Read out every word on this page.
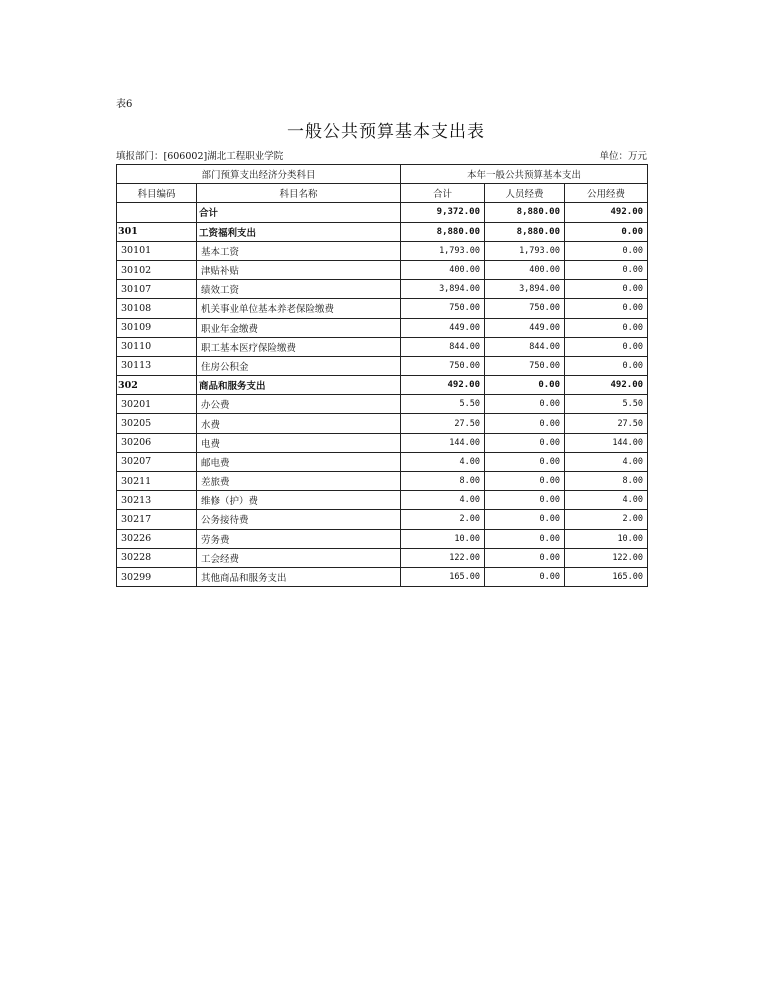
表6
一般公共预算基本支出表
填报部门：[606002]湖北工程职业学院	单位：万元
部门预算支出经济分类科目		本年一般公共预算基本支出		
科目编码	科目名称	合计	人员经费	公用经费
	合计	9,372.00	8,880.00	492.00
301	工资福利支出	8,880.00	8,880.00	0.00
30101	基本工资	1,793.00	1,793.00	0.00
30102	津贴补贴	400.00	400.00	0.00
30107	绩效工资	3,894.00	3,894.00	0.00
30108	机关事业单位基本养老保险缴费	750.00	750.00	0.00
30109	职业年金缴费	449.00	449.00	0.00
30110	职工基本医疗保险缴费	844.00	844.00	0.00
30113	住房公积金	750.00	750.00	0.00
302	商品和服务支出	492.00	0.00	492.00
30201	办公费	5.50	0.00	5.50
30205	水费	27.50	0.00	27.50
30206	电费	144.00	0.00	144.00
30207	邮电费	4.00	0.00	4.00
30211	差旅费	8.00	0.00	8.00
30213	维修（护）费	4.00	0.00	4.00
30217	公务接待费	2.00	0.00	2.00
30226	劳务费	10.00	0.00	10.00
30228	工会经费	122.00	0.00	122.00
30299	其他商品和服务支出	165.00	0.00	165.00
